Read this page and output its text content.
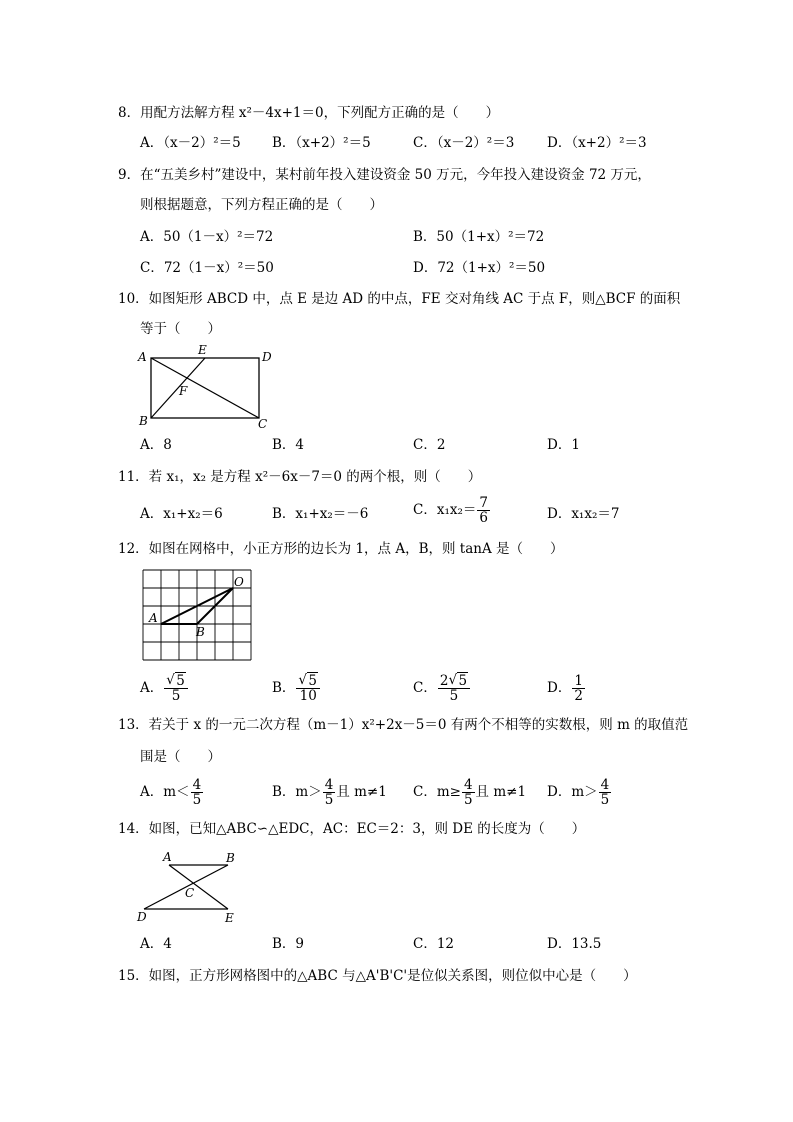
8．用配方法解方程 x²－4x+1＝0，下列配方正确的是（　　）
A．（x－2）²＝5 B．（x+2）²＝5	C．（x－2）²＝3 D．（x+2）²＝3
9．在“五美乡村”建设中，某村前年投入建设资金 50 万元，今年投入建设资金 72 万元，
则根据题意，下列方程正确的是（　　）
A．50（1－x）²＝72	B．50（1+x）²＝72
C．72（1－x）²＝50	D．72（1+x）²＝50
10．如图矩形 ABCD 中，点 E 是边 AD 的中点，FE 交对角线 AC 于点 F，则△BCF 的面积
等于（　　）
A	E	D
F
B	C
A．8	B．4	C．2	D．1
11．若 x₁，x₂ 是方程 x²－6x－7＝0 的两个根，则（　　）
A．x₁+x₂＝6	B．x₁+x₂＝－6	C．$x_1x_2= \frac{7}{6}$	D．x₁x₂＝7
12．如图在网格中，小正方形的边长为 1，点 A，B，则 tanA 是（　　）
O
A
B
A． √ $\frac{5}{5}$	B． √ $\frac{5}{10}$	C． $\frac{2 √ 5}{5}$	D． $\frac{1}{2}$
13．若关于 x 的一元二次方程（m－1）x²+2x－5＝0 有两个不相等的实数根，则 m 的取值范
围是（　　）
A．$m< \frac{4}{5}$	B．$m> \frac{4}{5}$ 且 m≠1 C．$m\ge \frac{4}{5}$ 且 m≠1 D．$m> \frac{4}{5}$
14．如图，已知△ABC∽△EDC，AC：EC＝2：3，则 DE 的长度为（　　）
A	B
C
D	E
A．4	B．9	C．12	D．13.5
15．如图，正方形网格图中的△ABC 与△A'B'C'是位似关系图，则位似中心是（　　）
